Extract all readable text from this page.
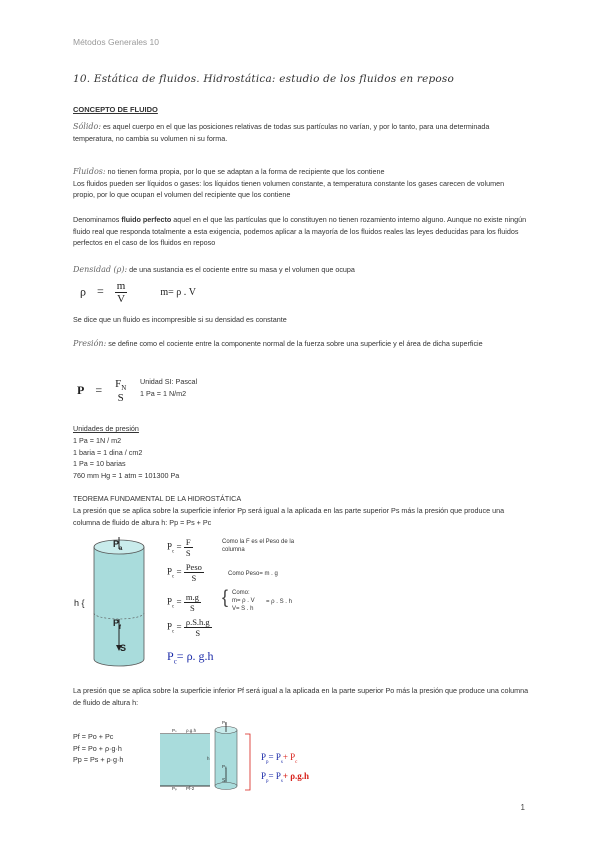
Métodos Generales 10
10. Estática de fluidos. Hidrostática: estudio de los fluidos en reposo
CONCEPTO DE FLUIDO
Sólido: es aquel cuerpo en el que las posiciones relativas de todas sus partículas no varían, y por lo tanto, para una determinada temperatura, no cambia su volumen ni su forma.
Fluidos: no tienen forma propia, por lo que se adaptan a la forma de recipiente que los contiene
Los fluidos pueden ser líquidos o gases: los líquidos tienen volumen constante, a temperatura constante los gases carecen de volumen propio, por lo que ocupan el volumen del recipiente que los contiene
Denominamos fluido perfecto aquel en el que las partículas que lo constituyen no tienen rozamiento interno alguno. Aunque no existe ningún fluido real que responda totalmente a esta exigencia, podemos aplicar a la mayoría de los fluidos reales las leyes deducidas para los fluidos perfectos en el caso de los fluidos en reposo
Densidad (ρ): de una sustancia es el cociente entre su masa y el volumen que ocupa
$\rho = \frac{m}{V}$	m= ρ . V
Se dice que un fluido es incompresible si su densidad es constante
Presión: se define como el cociente entre la componente normal de la fuerza sobre una superficie y el área de dicha superficie
$P = F_N$
S
Unidad SI: Pascal
1 Pa = 1 N/m2
Unidades de presión
1 Pa = 1N / m2
1 baria = 1 dina / cm2
1 Pa = 10 barias
760 mm Hg = 1 atm = 101300 Pa
TEOREMA FUNDAMENTAL DE LA HIDROSTÁTICA
La presión que se aplica sobre la superficie inferior Pp será igual a la aplicada en las parte superior Ps más la presión que produce una columna de fluido de altura h: Pp = Ps + Pc
$P_a$
$P_f$
S
h {
$P_c = \frac{F}{S}$	Como la F es el Peso de la columna
$P_c = \frac{\text{Peso}}{S}$	Como Peso= m . g
$P_c = \frac{m.g}{S}$ { Como:
m= ρ . V
V= S . h
= ρ . S . h
$P_c = \frac{\rho.S.h.g}{S}$
$P_c= \rho$. g.h
La presión que se aplica sobre la superficie inferior Pf será igual a la aplicada en la parte superior Po más la presión que produce una columna de fluido de altura h:
Pf = Po + Pc
Pf = Po + ρ·g·h
Pp = Ps + ρ·g·h
Pₛ ρ.g.h
Pₚ Pf-2
Pₐ
h
Pₑ
S
$P_p= P_s+ P_c$
$P_p= P_s+ \rho.g.h$
1
